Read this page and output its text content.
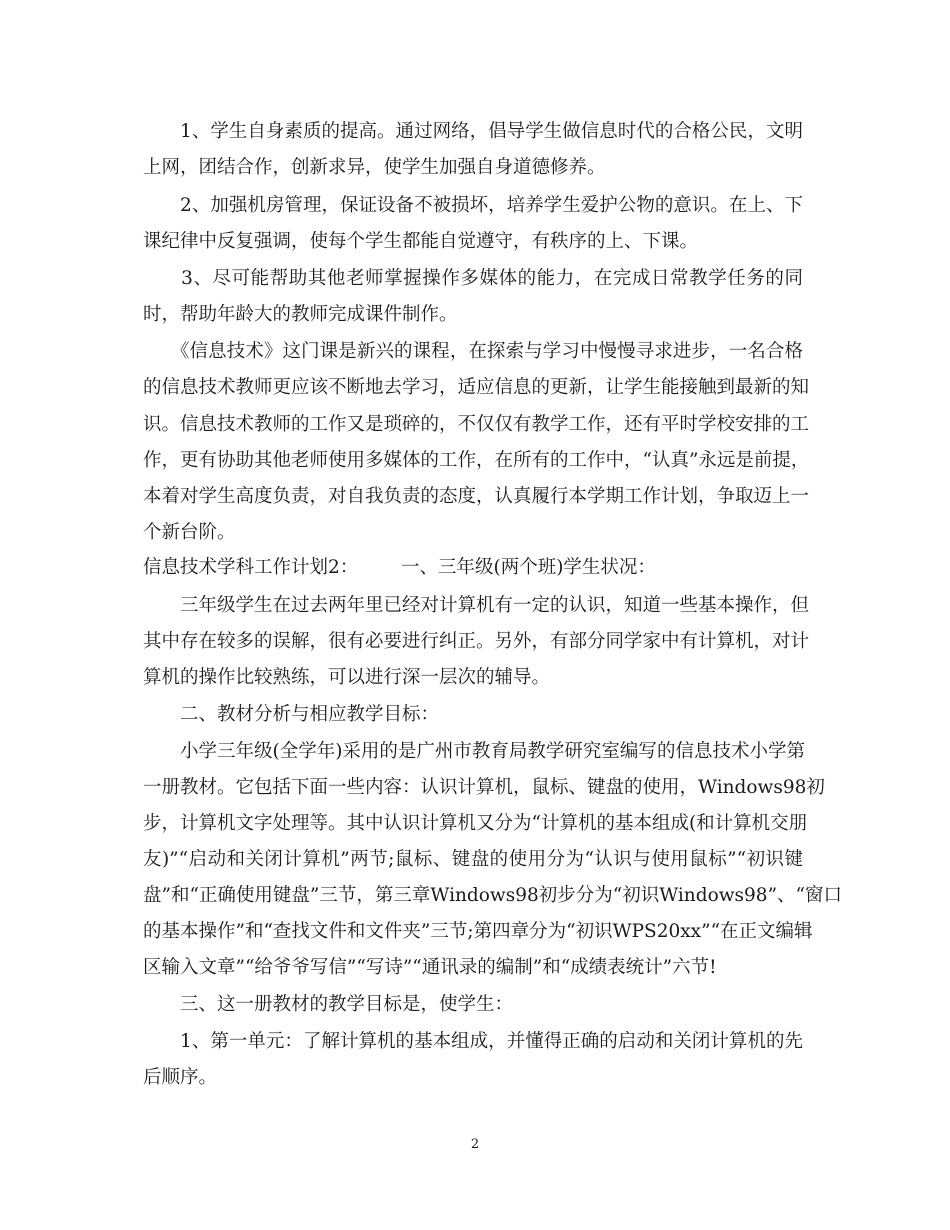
　　1、学生自身素质的提高。通过网络，倡导学生做信息时代的合格公民，文明
上网，团结合作，创新求异，使学生加强自身道德修养。
　　2、加强机房管理，保证设备不被损坏，培养学生爱护公物的意识。在上、下
课纪律中反复强调，使每个学生都能自觉遵守，有秩序的上、下课。
　　3、尽可能帮助其他老师掌握操作多媒体的能力，在完成日常教学任务的同
时，帮助年龄大的教师完成课件制作。
　　《信息技术》这门课是新兴的课程，在探索与学习中慢慢寻求进步，一名合格
的信息技术教师更应该不断地去学习，适应信息的更新，让学生能接触到最新的知
识。信息技术教师的工作又是琐碎的，不仅仅有教学工作，还有平时学校安排的工
作，更有协助其他老师使用多媒体的工作，在所有的工作中，“认真”永远是前提，
本着对学生高度负责，对自我负责的态度，认真履行本学期工作计划，争取迈上一
个新台阶。
信息技术学科工作计划2： 一、三年级(两个班)学生状况：
　　三年级学生在过去两年里已经对计算机有一定的认识，知道一些基本操作，但
其中存在较多的误解，很有必要进行纠正。另外，有部分同学家中有计算机，对计
算机的操作比较熟练，可以进行深一层次的辅导。
　　二、教材分析与相应教学目标：
　　小学三年级(全学年)采用的是广州市教育局教学研究室编写的信息技术小学第
一册教材。它包括下面一些内容：认识计算机，鼠标、键盘的使用，Windows98初
步，计算机文字处理等。其中认识计算机又分为“计算机的基本组成(和计算机交朋
友)”“启动和关闭计算机”两节;鼠标、键盘的使用分为“认识与使用鼠标”“初识键
盘”和“正确使用键盘”三节，第三章Windows98初步分为“初识Windows98”、“窗口
的基本操作”和“查找文件和文件夹”三节;第四章分为“初识WPS20xx”“在正文编辑
区输入文章”“给爷爷写信”“写诗”“通讯录的编制”和“成绩表统计”六节!
　　三、这一册教材的教学目标是，使学生：
　　1、第一单元：了解计算机的基本组成，并懂得正确的启动和关闭计算机的先
后顺序。
2
